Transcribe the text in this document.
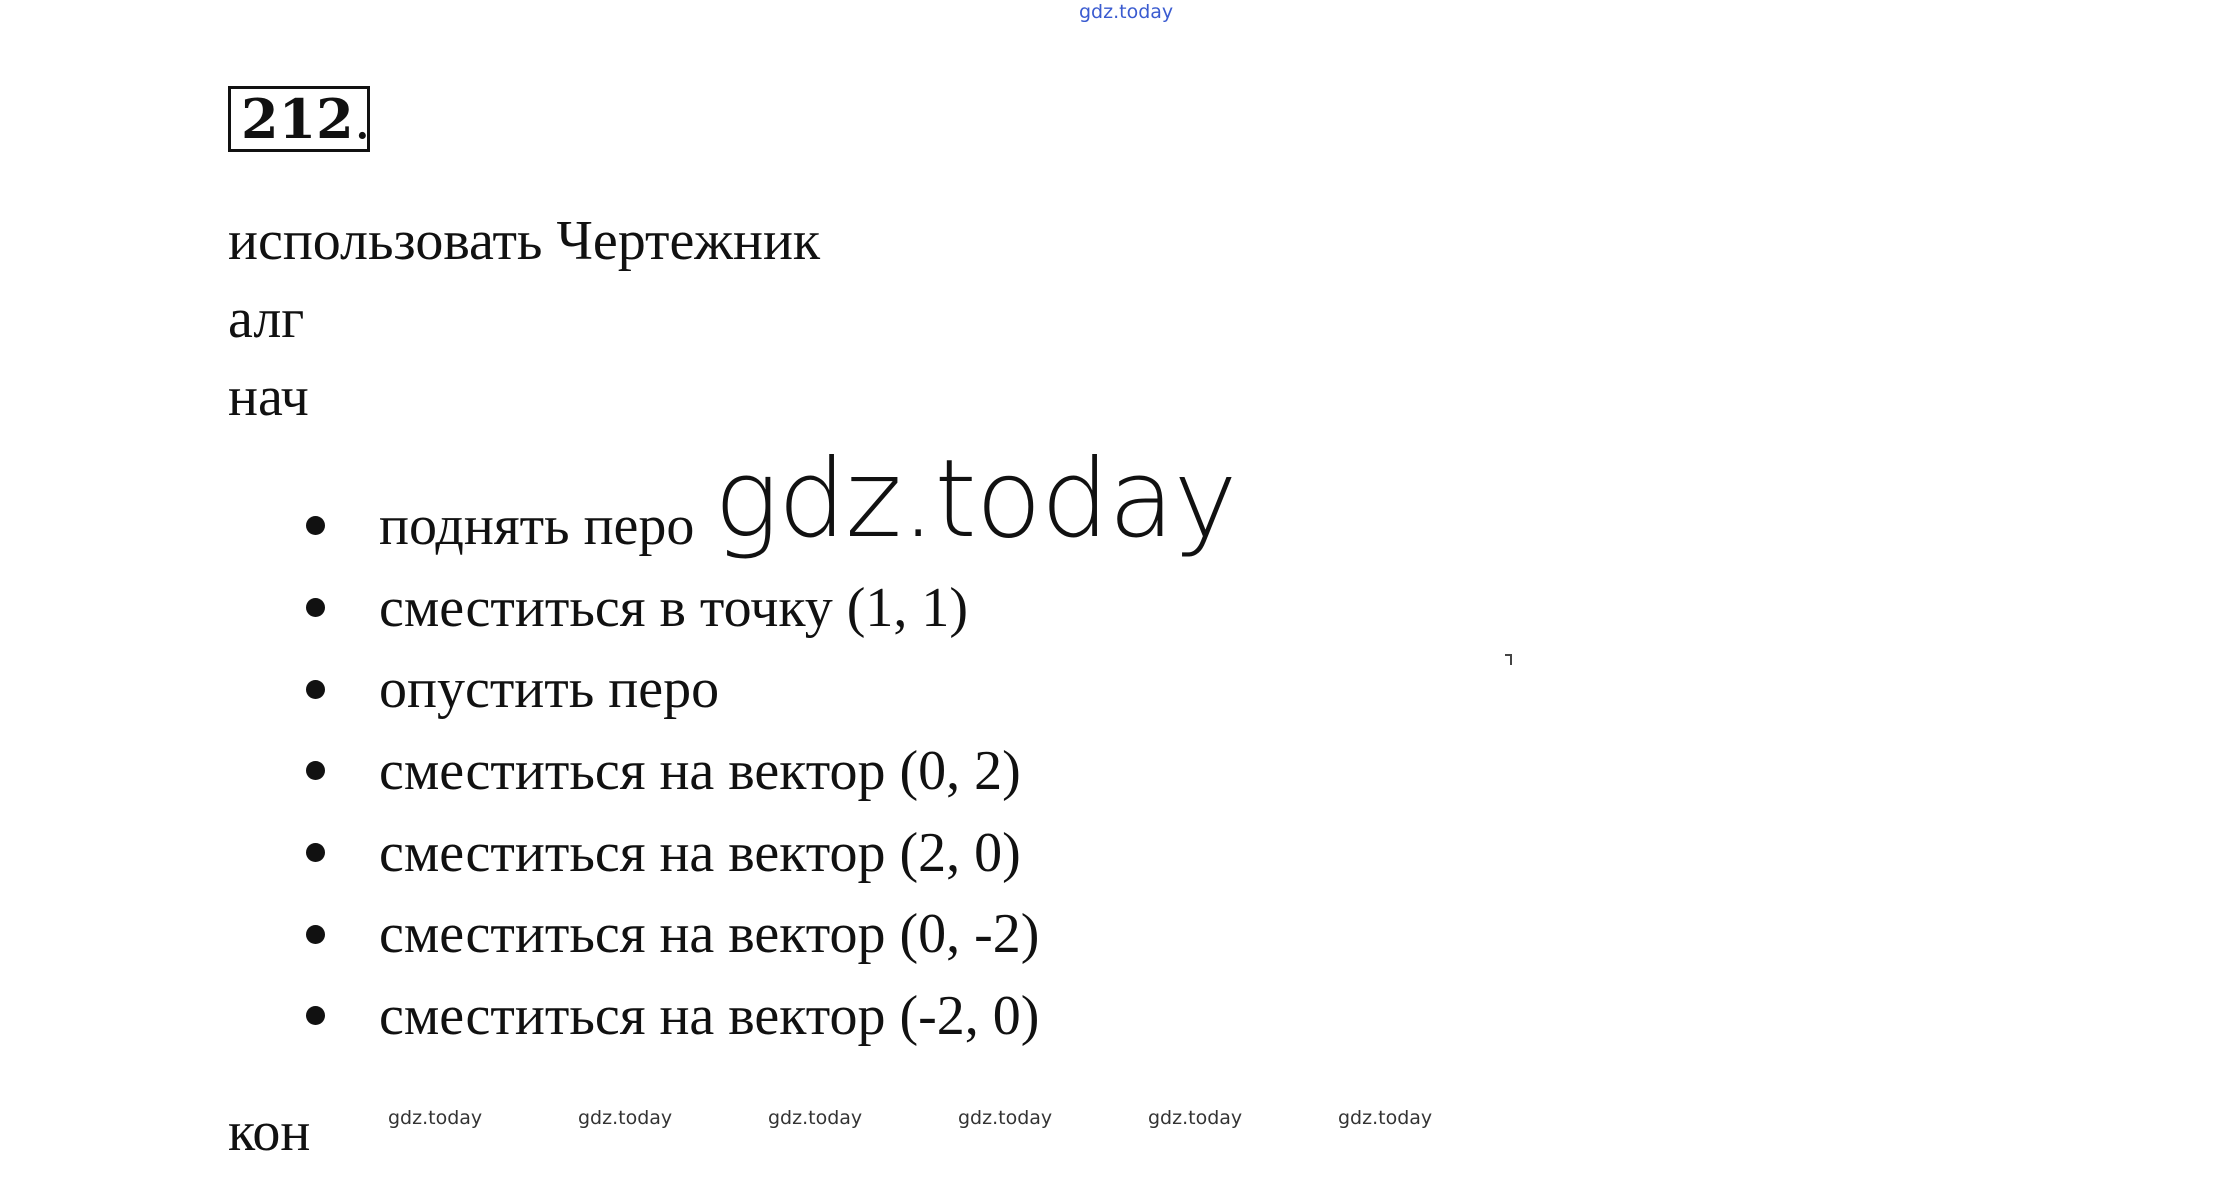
gdz.today
212.
использовать Чертежник
алг
нач
поднять перо
сместиться в точку (1, 1)
опустить перо
сместиться на вектор (0, 2)
сместиться на вектор (2, 0)
сместиться на вектор (0, -2)
сместиться на вектор (-2, 0)
gdz.today
кон	gdz.today	gdz.today	gdz.today	gdz.today	gdz.today	gdz.today
